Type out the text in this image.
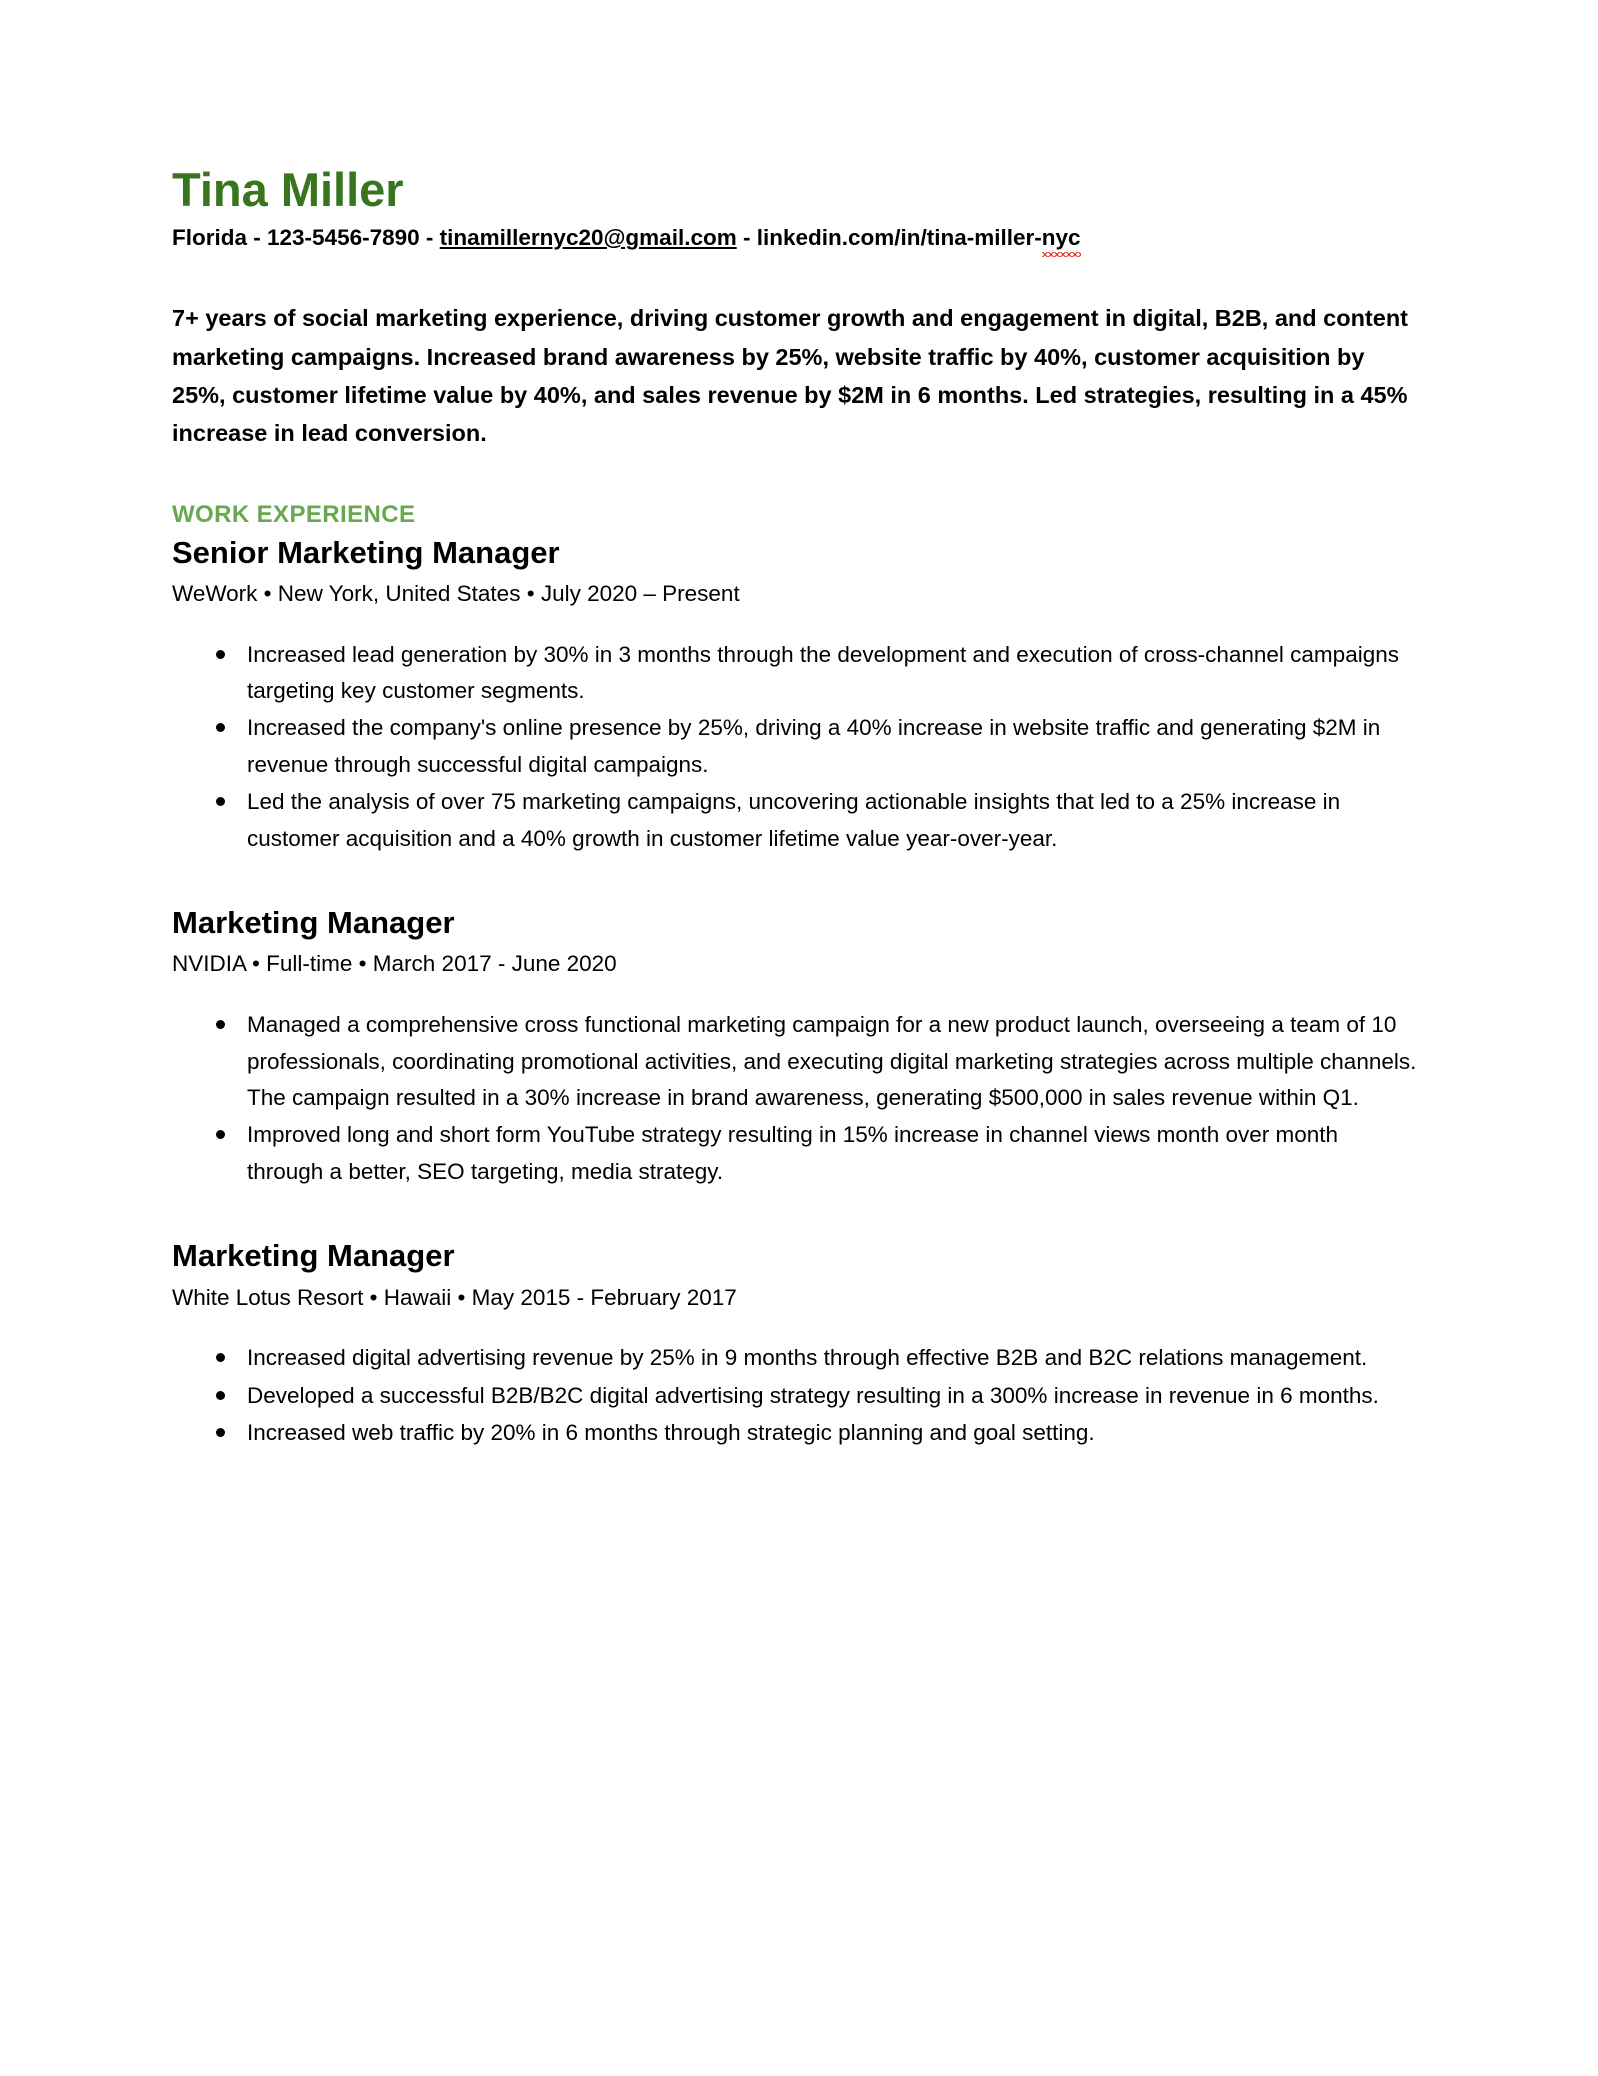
Tina Miller

Florida - 123-5456-7890 - tinamillernyc20@gmail.com - linkedin.com/in/tina-miller-nyc

7+ years of social marketing experience, driving customer growth and engagement in digital, B2B, and content marketing campaigns. Increased brand awareness by 25%, website traffic by 40%, customer acquisition by 25%, customer lifetime value by 40%, and sales revenue by $2M in 6 months. Led strategies, resulting in a 45% increase in lead conversion.

WORK EXPERIENCE
Senior Marketing Manager

WeWork • New York, United States • July 2020 – Present

Increased lead generation by 30% in 3 months through the development and execution of cross-channel campaigns targeting key customer segments.
Increased the company's online presence by 25%, driving a 40% increase in website traffic and generating $2M in revenue through successful digital campaigns.
Led the analysis of over 75 marketing campaigns, uncovering actionable insights that led to a 25% increase in customer acquisition and a 40% growth in customer lifetime value year-over-year.
Marketing Manager

NVIDIA • Full-time • March 2017 - June 2020

Managed a comprehensive cross functional marketing campaign for a new product launch, overseeing a team of 10 professionals, coordinating promotional activities, and executing digital marketing strategies across multiple channels. The campaign resulted in a 30% increase in brand awareness, generating $500,000 in sales revenue within Q1.
Improved long and short form YouTube strategy resulting in 15% increase in channel views month over month through a better, SEO targeting, media strategy.
Marketing Manager

White Lotus Resort • Hawaii • May 2015 - February 2017

Increased digital advertising revenue by 25% in 9 months through effective B2B and B2C relations management.
Developed a successful B2B/B2C digital advertising strategy resulting in a 300% increase in revenue in 6 months.
Increased web traffic by 20% in 6 months through strategic planning and goal setting.
